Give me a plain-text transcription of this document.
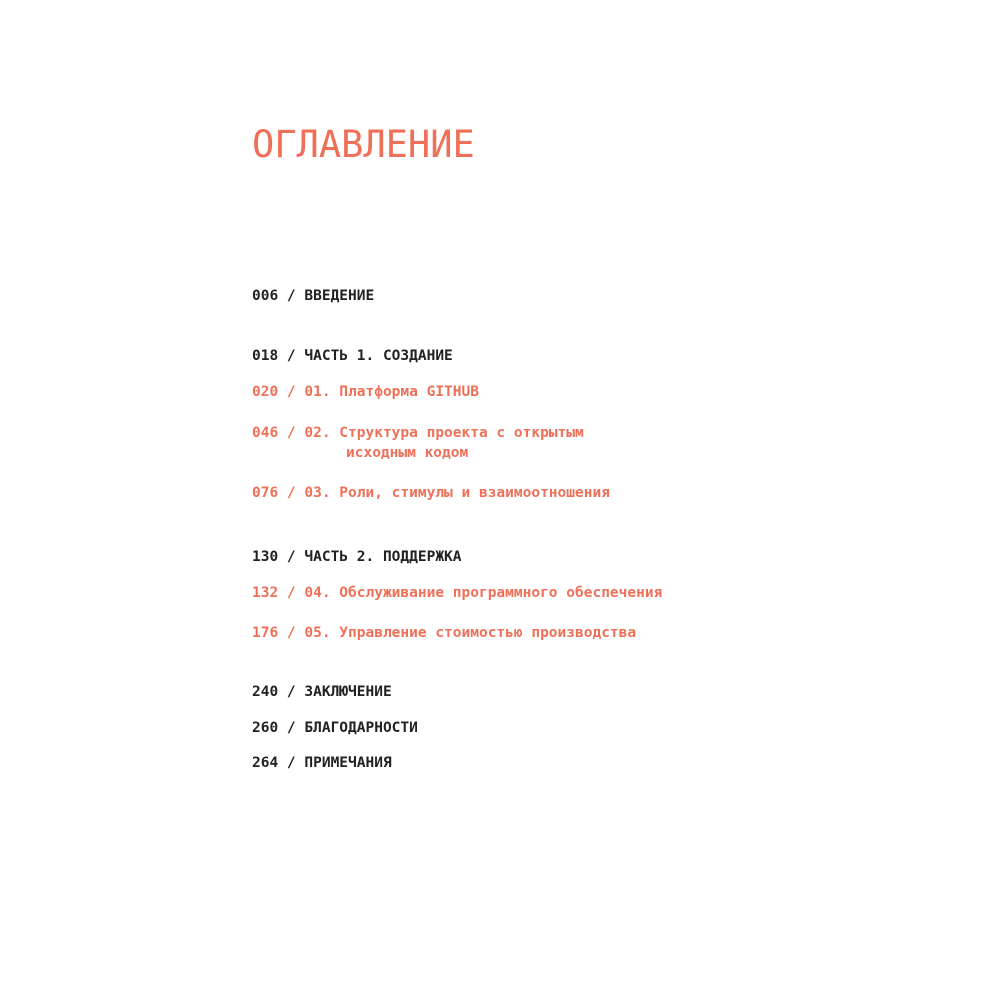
ОГЛАВЛЕНИЕ
006 / ВВЕДЕНИЕ
018 / ЧАСТЬ 1. СОЗДАНИЕ
020 / 01. Платформа GITHUB
046 / 02. Структура проекта с открытым
исходным кодом
076 / 03. Роли, стимулы и взаимоотношения
130 / ЧАСТЬ 2. ПОДДЕРЖКА
132 / 04. Обслуживание программного обеспечения
176 / 05. Управление стоимостью производства
240 / ЗАКЛЮЧЕНИЕ
260 / БЛАГОДАРНОСТИ
264 / ПРИМЕЧАНИЯ
